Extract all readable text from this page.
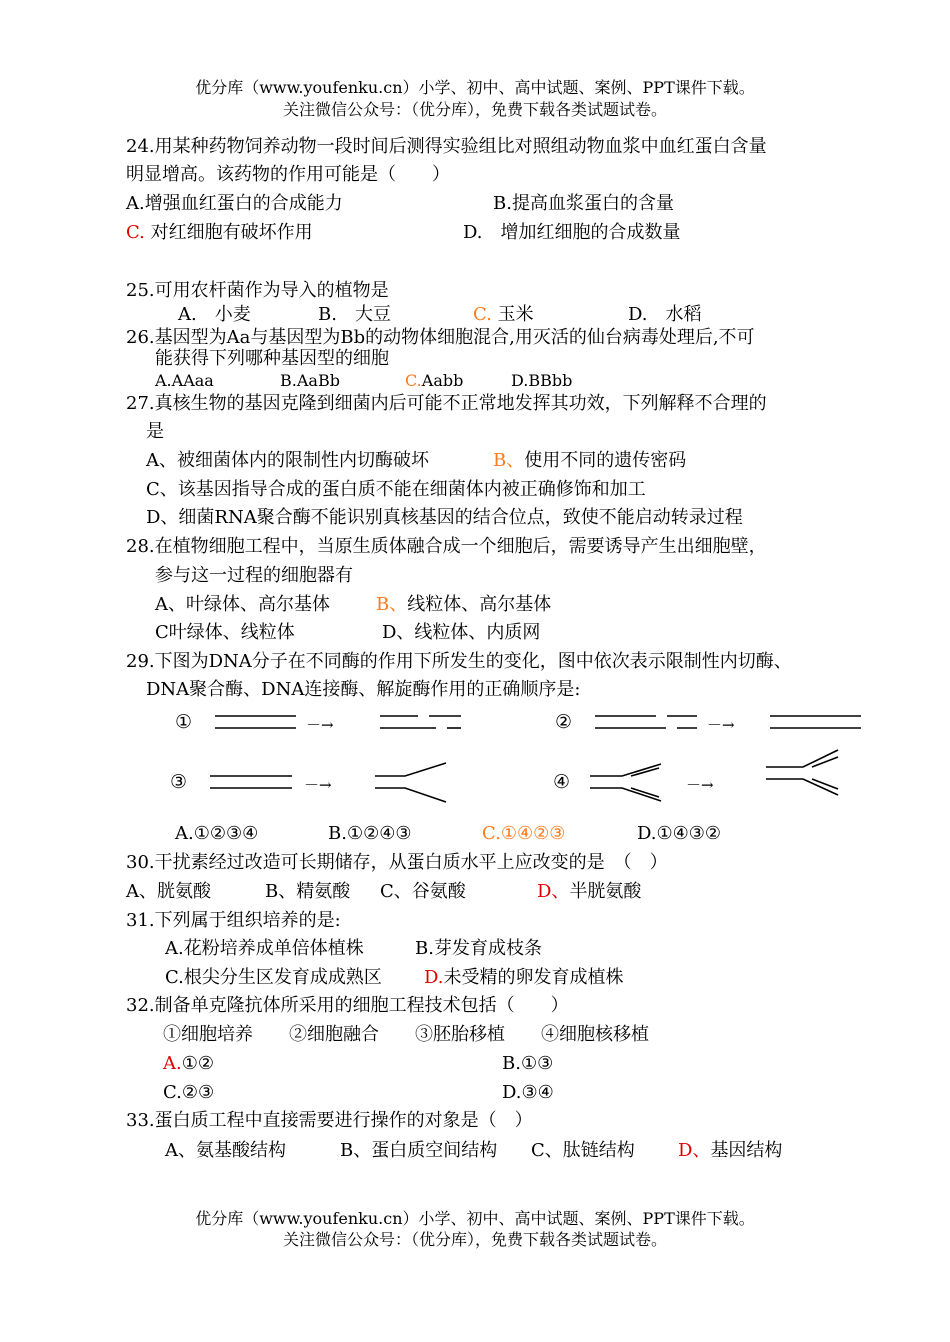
优分库（www.youfenku.cn）小学、初中、高中试题、案例、PPT课件下载。
关注微信公众号：（优分库），免费下载各类试题试卷。
24.用某种药物饲养动物一段时间后测得实验组比对照组动物血浆中血红蛋白含量
明显增高。该药物的作用可能是（　　）
A.增强血红蛋白的合成能力	B.提高血浆蛋白的含量
C. 对红细胞有破坏作用	D.　增加红细胞的合成数量
25.可用农杆菌作为导入的植物是
A.　小麦	B.　大豆	C. 玉米	D.　水稻
26.基因型为Aa与基因型为Bb的动物体细胞混合,用灭活的仙台病毒处理后,不可
能获得下列哪种基因型的细胞
A.AAaa	B.AaBb	C.Aabb	D.BBbb
27.真核生物的基因克隆到细菌内后可能不正常地发挥其功效，下列解释不合理的
是
A、被细菌体内的限制性内切酶破坏	B、使用不同的遗传密码
C、该基因指导合成的蛋白质不能在细菌体内被正确修饰和加工
D、细菌RNA聚合酶不能识别真核基因的结合位点，致使不能启动转录过程
28.在植物细胞工程中，当原生质体融合成一个细胞后，需要诱导产生出细胞壁，
参与这一过程的细胞器有
A、叶绿体、高尔基体	B、线粒体、高尔基体
C叶绿体、线粒体	D、线粒体、内质网
29.下图为DNA分子在不同酶的作用下所发生的变化，图中依次表示限制性内切酶、
DNA聚合酶、DNA连接酶、解旋酶作用的正确顺序是:
①	②
③	④
－→	－→
－→	－→
A.①②③④	B.①②④③	C.①④②③	D.①④③②
30.干扰素经过改造可长期储存，从蛋白质水平上应改变的是　（　）
A、胱氨酸	B、精氨酸 C、谷氨酸	D、半胱氨酸
31.下列属于组织培养的是:
A.花粉培养成单倍体植株	B.芽发育成枝条
C.根尖分生区发育成成熟区 D.未受精的卵发育成植株
32.制备单克隆抗体所采用的细胞工程技术包括（　　）
①细胞培养　　②细胞融合　　③胚胎移植　　④细胞核移植
A.①②	B.①③
C.②③	D.③④
33.蛋白质工程中直接需要进行操作的对象是（　）
A、氨基酸结构	B、蛋白质空间结构 C、肽链结构 D、基因结构
优分库（www.youfenku.cn）小学、初中、高中试题、案例、PPT课件下载。
关注微信公众号：（优分库），免费下载各类试题试卷。
